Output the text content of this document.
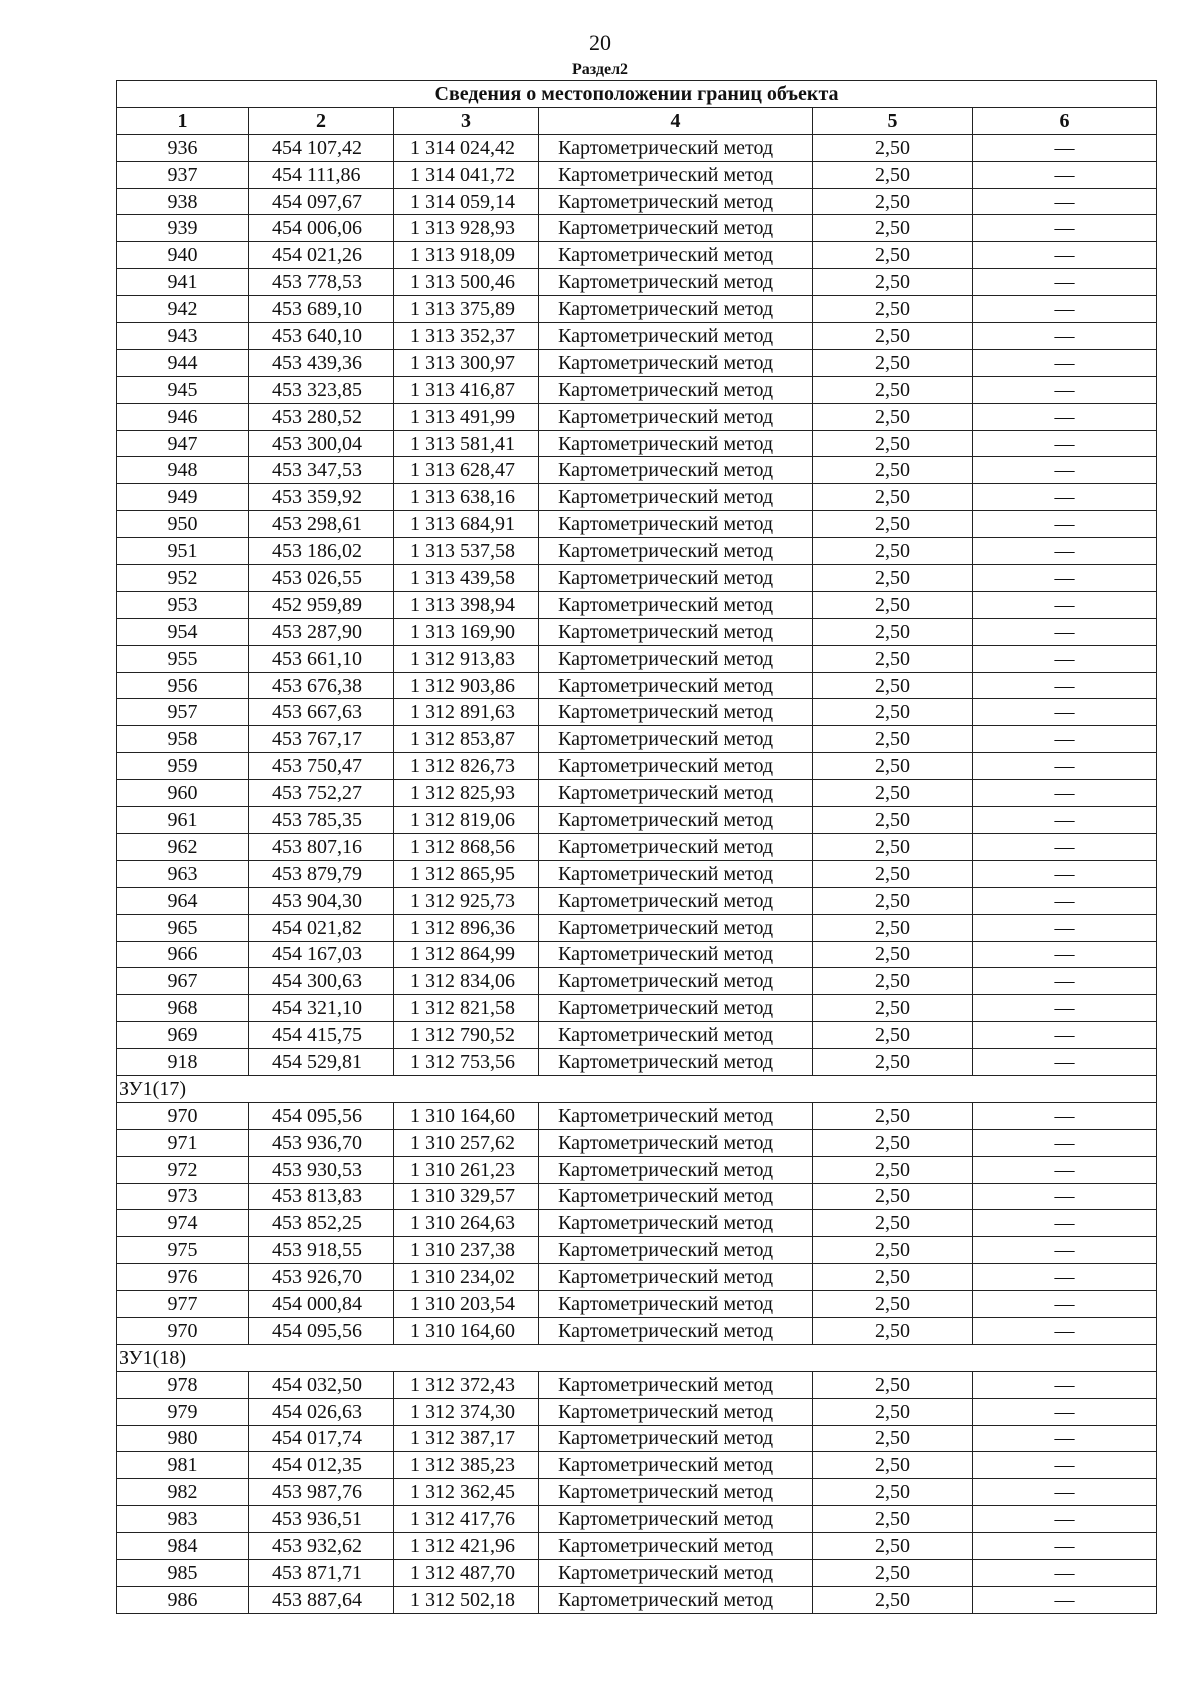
20
Раздел2
Сведения о местоположении границ объекта					
1	2	3	4	5	6
936	454 107,42	1 314 024,42	Картометрический метод	2,50	—
937	454 111,86	1 314 041,72	Картометрический метод	2,50	—
938	454 097,67	1 314 059,14	Картометрический метод	2,50	—
939	454 006,06	1 313 928,93	Картометрический метод	2,50	—
940	454 021,26	1 313 918,09	Картометрический метод	2,50	—
941	453 778,53	1 313 500,46	Картометрический метод	2,50	—
942	453 689,10	1 313 375,89	Картометрический метод	2,50	—
943	453 640,10	1 313 352,37	Картометрический метод	2,50	—
944	453 439,36	1 313 300,97	Картометрический метод	2,50	—
945	453 323,85	1 313 416,87	Картометрический метод	2,50	—
946	453 280,52	1 313 491,99	Картометрический метод	2,50	—
947	453 300,04	1 313 581,41	Картометрический метод	2,50	—
948	453 347,53	1 313 628,47	Картометрический метод	2,50	—
949	453 359,92	1 313 638,16	Картометрический метод	2,50	—
950	453 298,61	1 313 684,91	Картометрический метод	2,50	—
951	453 186,02	1 313 537,58	Картометрический метод	2,50	—
952	453 026,55	1 313 439,58	Картометрический метод	2,50	—
953	452 959,89	1 313 398,94	Картометрический метод	2,50	—
954	453 287,90	1 313 169,90	Картометрический метод	2,50	—
955	453 661,10	1 312 913,83	Картометрический метод	2,50	—
956	453 676,38	1 312 903,86	Картометрический метод	2,50	—
957	453 667,63	1 312 891,63	Картометрический метод	2,50	—
958	453 767,17	1 312 853,87	Картометрический метод	2,50	—
959	453 750,47	1 312 826,73	Картометрический метод	2,50	—
960	453 752,27	1 312 825,93	Картометрический метод	2,50	—
961	453 785,35	1 312 819,06	Картометрический метод	2,50	—
962	453 807,16	1 312 868,56	Картометрический метод	2,50	—
963	453 879,79	1 312 865,95	Картометрический метод	2,50	—
964	453 904,30	1 312 925,73	Картометрический метод	2,50	—
965	454 021,82	1 312 896,36	Картометрический метод	2,50	—
966	454 167,03	1 312 864,99	Картометрический метод	2,50	—
967	454 300,63	1 312 834,06	Картометрический метод	2,50	—
968	454 321,10	1 312 821,58	Картометрический метод	2,50	—
969	454 415,75	1 312 790,52	Картометрический метод	2,50	—
918	454 529,81	1 312 753,56	Картометрический метод	2,50	—
ЗУ1(17)					
970	454 095,56	1 310 164,60	Картометрический метод	2,50	—
971	453 936,70	1 310 257,62	Картометрический метод	2,50	—
972	453 930,53	1 310 261,23	Картометрический метод	2,50	—
973	453 813,83	1 310 329,57	Картометрический метод	2,50	—
974	453 852,25	1 310 264,63	Картометрический метод	2,50	—
975	453 918,55	1 310 237,38	Картометрический метод	2,50	—
976	453 926,70	1 310 234,02	Картометрический метод	2,50	—
977	454 000,84	1 310 203,54	Картометрический метод	2,50	—
970	454 095,56	1 310 164,60	Картометрический метод	2,50	—
ЗУ1(18)					
978	454 032,50	1 312 372,43	Картометрический метод	2,50	—
979	454 026,63	1 312 374,30	Картометрический метод	2,50	—
980	454 017,74	1 312 387,17	Картометрический метод	2,50	—
981	454 012,35	1 312 385,23	Картометрический метод	2,50	—
982	453 987,76	1 312 362,45	Картометрический метод	2,50	—
983	453 936,51	1 312 417,76	Картометрический метод	2,50	—
984	453 932,62	1 312 421,96	Картометрический метод	2,50	—
985	453 871,71	1 312 487,70	Картометрический метод	2,50	—
986	453 887,64	1 312 502,18	Картометрический метод	2,50	—
